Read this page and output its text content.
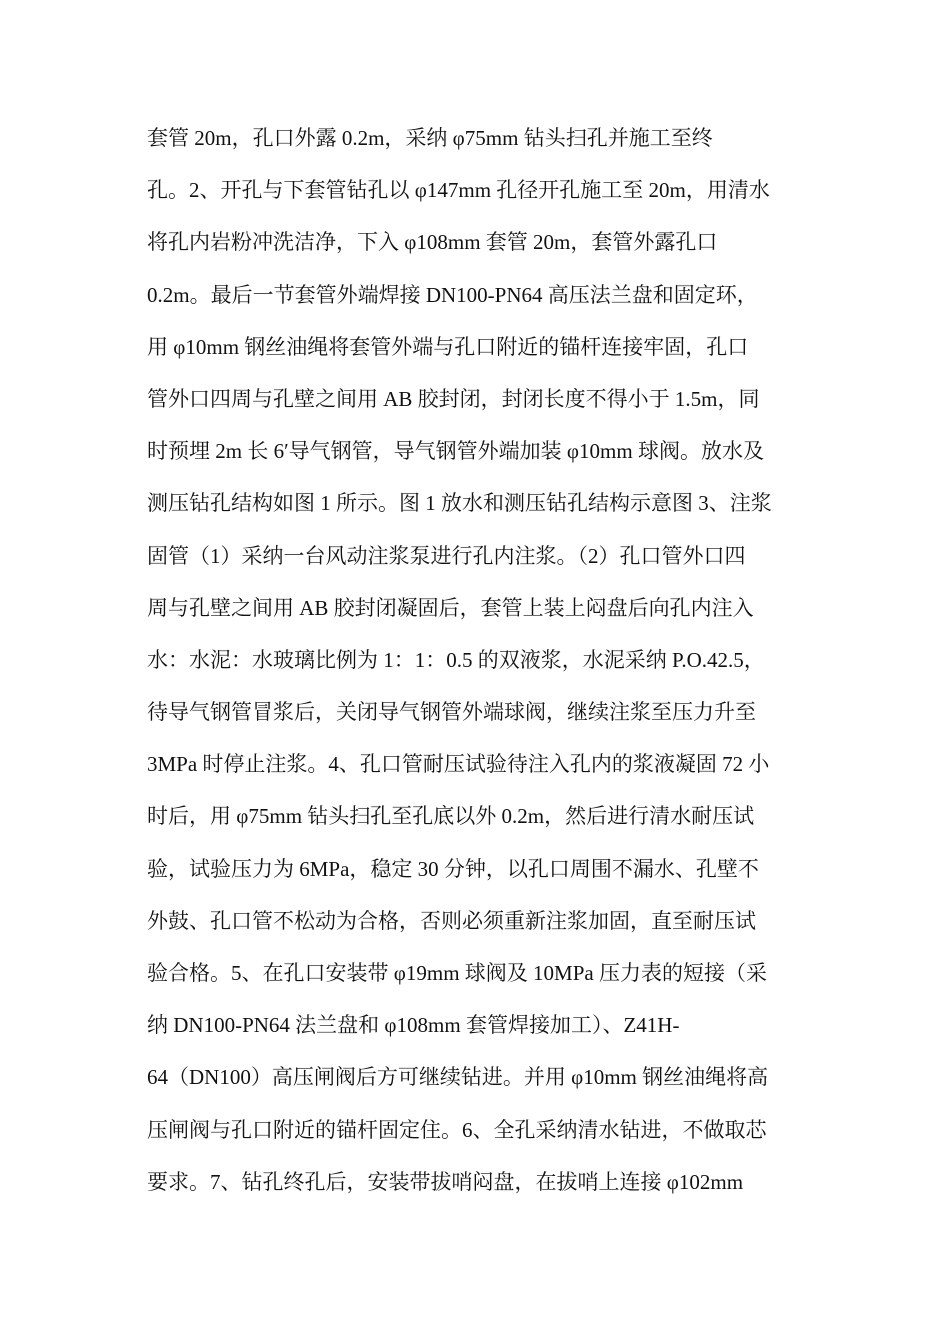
套管 20m，孔口外露 0.2m，采纳 φ75mm 钻头扫孔并施工至终
孔。2、开孔与下套管钻孔以 φ147mm 孔径开孔施工至 20m，用清水
将孔内岩粉冲洗洁净，下入 φ108mm 套管 20m，套管外露孔口
0.2m。最后一节套管外端焊接 DN100-PN64 高压法兰盘和固定环，
用 φ10mm 钢丝油绳将套管外端与孔口附近的锚杆连接牢固，孔口
管外口四周与孔壁之间用 AB 胶封闭，封闭长度不得小于 1.5m，同
时预埋 2m 长 6′导气钢管，导气钢管外端加装 φ10mm 球阀。放水及
测压钻孔结构如图 1 所示。图 1 放水和测压钻孔结构示意图 3、注浆
固管（1）采纳一台风动注浆泵进行孔内注浆。（2）孔口管外口四
周与孔壁之间用 AB 胶封闭凝固后，套管上装上闷盘后向孔内注入
水：水泥：水玻璃比例为 1：1：0.5 的双液浆，水泥采纳 P.O.42.5，
待导气钢管冒浆后，关闭导气钢管外端球阀，继续注浆至压力升至
3MPa 时停止注浆。4、孔口管耐压试验待注入孔内的浆液凝固 72 小
时后，用 φ75mm 钻头扫孔至孔底以外 0.2m，然后进行清水耐压试
验，试验压力为 6MPa，稳定 30 分钟，以孔口周围不漏水、孔壁不
外鼓、孔口管不松动为合格，否则必须重新注浆加固，直至耐压试
验合格。5、在孔口安装带 φ19mm 球阀及 10MPa 压力表的短接（采
纳 DN100-PN64 法兰盘和 φ108mm 套管焊接加工）、Z41H-
64（DN100）高压闸阀后方可继续钻进。并用 φ10mm 钢丝油绳将高
压闸阀与孔口附近的锚杆固定住。6、全孔采纳清水钻进，不做取芯
要求。7、钻孔终孔后，安装带拔哨闷盘，在拔哨上连接 φ102mm
